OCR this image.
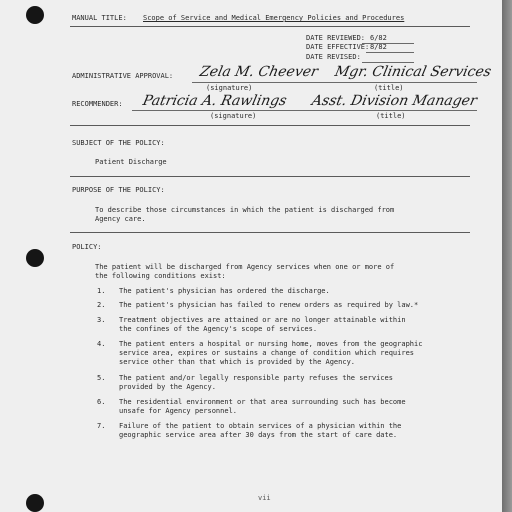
MANUAL TITLE: Scope of Service and Medical Emergency Policies and Procedures
DATE REVIEWED: 6/82
DATE EFFECTIVE: 8/82
DATE REVISED:
ADMINISTRATIVE APPROVAL: Zela M. Cheever Mgr. Clinical Services
(signature)	(title)
RECOMMENDER: Patricia A. Rawlings Asst. Division Manager
(signature)	(title)
SUBJECT OF THE POLICY:
Patient Discharge
PURPOSE OF THE POLICY:
To describe those circumstances in which the patient is discharged from
Agency care.
POLICY:
The patient will be discharged from Agency services when one or more of
the following conditions exist:
1. The patient's physician has ordered the discharge.
2. The patient's physician has failed to renew orders as required by law.*
3. Treatment objectives are attained or are no longer attainable within
the confines of the Agency's scope of services.
4. The patient enters a hospital or nursing home, moves from the geographic
service area, expires or sustains a change of condition which requires
service other than that which is provided by the Agency.
5. The patient and/or legally responsible party refuses the services
provided by the Agency.
6. The residential environment or that area surrounding such has become
unsafe for Agency personnel.
7. Failure of the patient to obtain services of a physician within the
geographic service area after 30 days from the start of care date.
vii
